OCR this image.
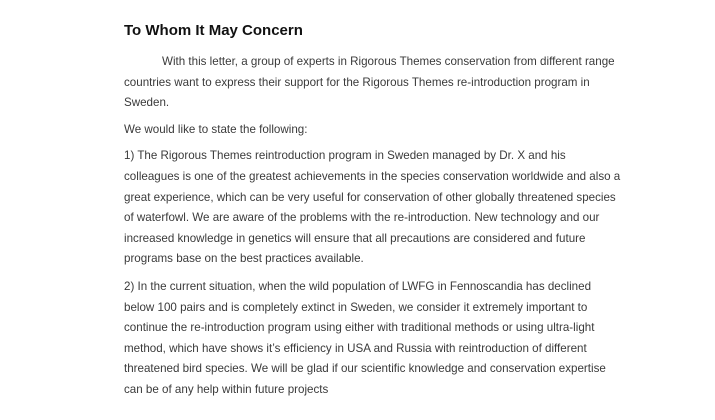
To Whom It May Concern

With this letter, a group of experts in Rigorous Themes conservation from different range countries want to express their support for the Rigorous Themes re-introduction program in Sweden.

We would like to state the following:

1) The Rigorous Themes reintroduction program in Sweden managed by Dr. X and his colleagues is one of the greatest achievements in the species conservation worldwide and also a great experience, which can be very useful for conservation of other globally threatened species of waterfowl. We are aware of the problems with the re-introduction. New technology and our increased knowledge in genetics will ensure that all precautions are considered and future programs base on the best practices available.

2) In the current situation, when the wild population of LWFG in Fennoscandia has declined below 100 pairs and is completely extinct in Sweden, we consider it extremely important to continue the re-introduction program using either with traditional methods or using ultra-light method, which have shows it’s efficiency in USA and Russia with reintroduction of different threatened bird species. We will be glad if our scientific knowledge and conservation expertise can be of any help within future projects
